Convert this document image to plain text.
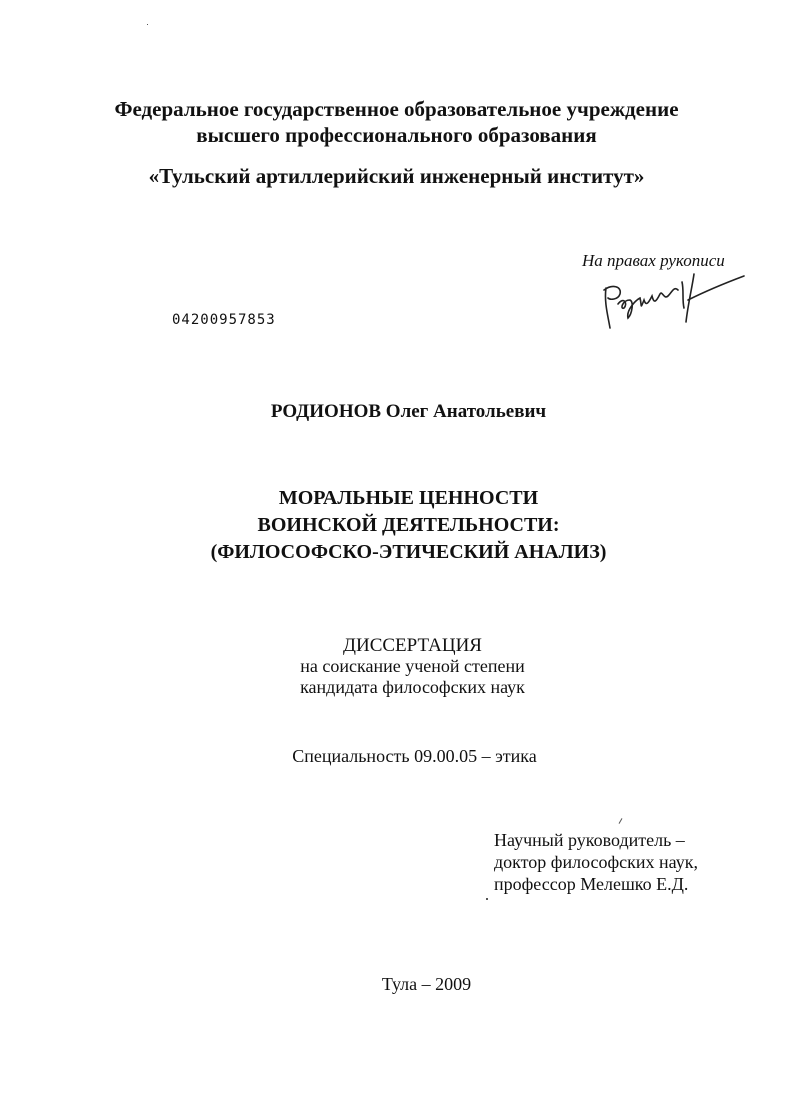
Федеральное государственное образовательное учреждение
высшего профессионального образования
«Тульский артиллерийский инженерный институт»
На правах рукописи
04200957853
РОДИОНОВ Олег Анатольевич
МОРАЛЬНЫЕ ЦЕННОСТИ
ВОИНСКОЙ ДЕЯТЕЛЬНОСТИ:
(ФИЛОСОФСКО-ЭТИЧЕСКИЙ АНАЛИЗ)
ДИССЕРТАЦИЯ
на соискание ученой степени
кандидата философских наук
Специальность 09.00.05 – этика
Научный руководитель –
доктор философских наук,
профессор Мелешко Е.Д.
Тула – 2009
